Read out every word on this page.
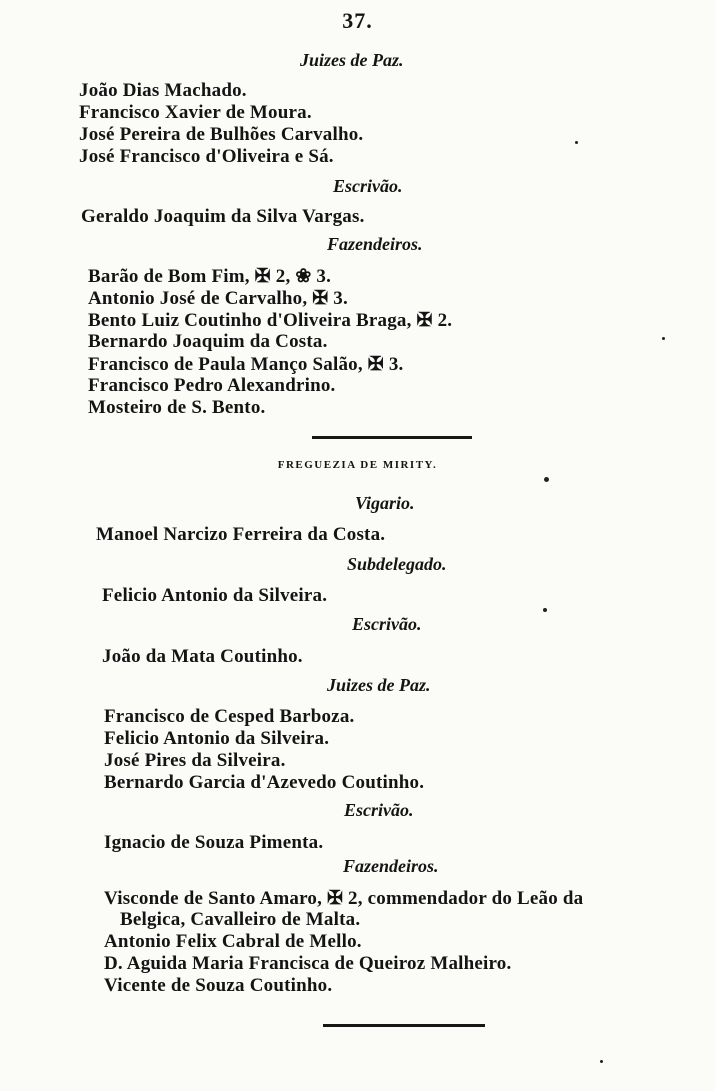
37.
Juizes de Paz.
João Dias Machado.
Francisco Xavier de Moura.
José Pereira de Bulhões Carvalho.
José Francisco d'Oliveira e Sá.
Escrivão.
Geraldo Joaquim da Silva Vargas.
Fazendeiros.
Barão de Bom Fim, ✠ 2, ❀ 3.
Antonio José de Carvalho, ✠ 3.
Bento Luiz Coutinho d'Oliveira Braga, ✠ 2.
Bernardo Joaquim da Costa.
Francisco de Paula Manço Salão, ✠ 3.
Francisco Pedro Alexandrino.
Mosteiro de S. Bento.
FREGUEZIA DE MIRITY.
Vigario.
Manoel Narcizo Ferreira da Costa.
Subdelegado.
Felicio Antonio da Silveira.
Escrivão.
João da Mata Coutinho.
Juizes de Paz.
Francisco de Cesped Barboza.
Felicio Antonio da Silveira.
José Pires da Silveira.
Bernardo Garcia d'Azevedo Coutinho.
Escrivão.
Ignacio de Souza Pimenta.
Fazendeiros.
Visconde de Santo Amaro, ✠ 2, commendador do Leão da
Belgica, Cavalleiro de Malta.
Antonio Felix Cabral de Mello.
D. Aguida Maria Francisca de Queiroz Malheiro.
Vicente de Souza Coutinho.
